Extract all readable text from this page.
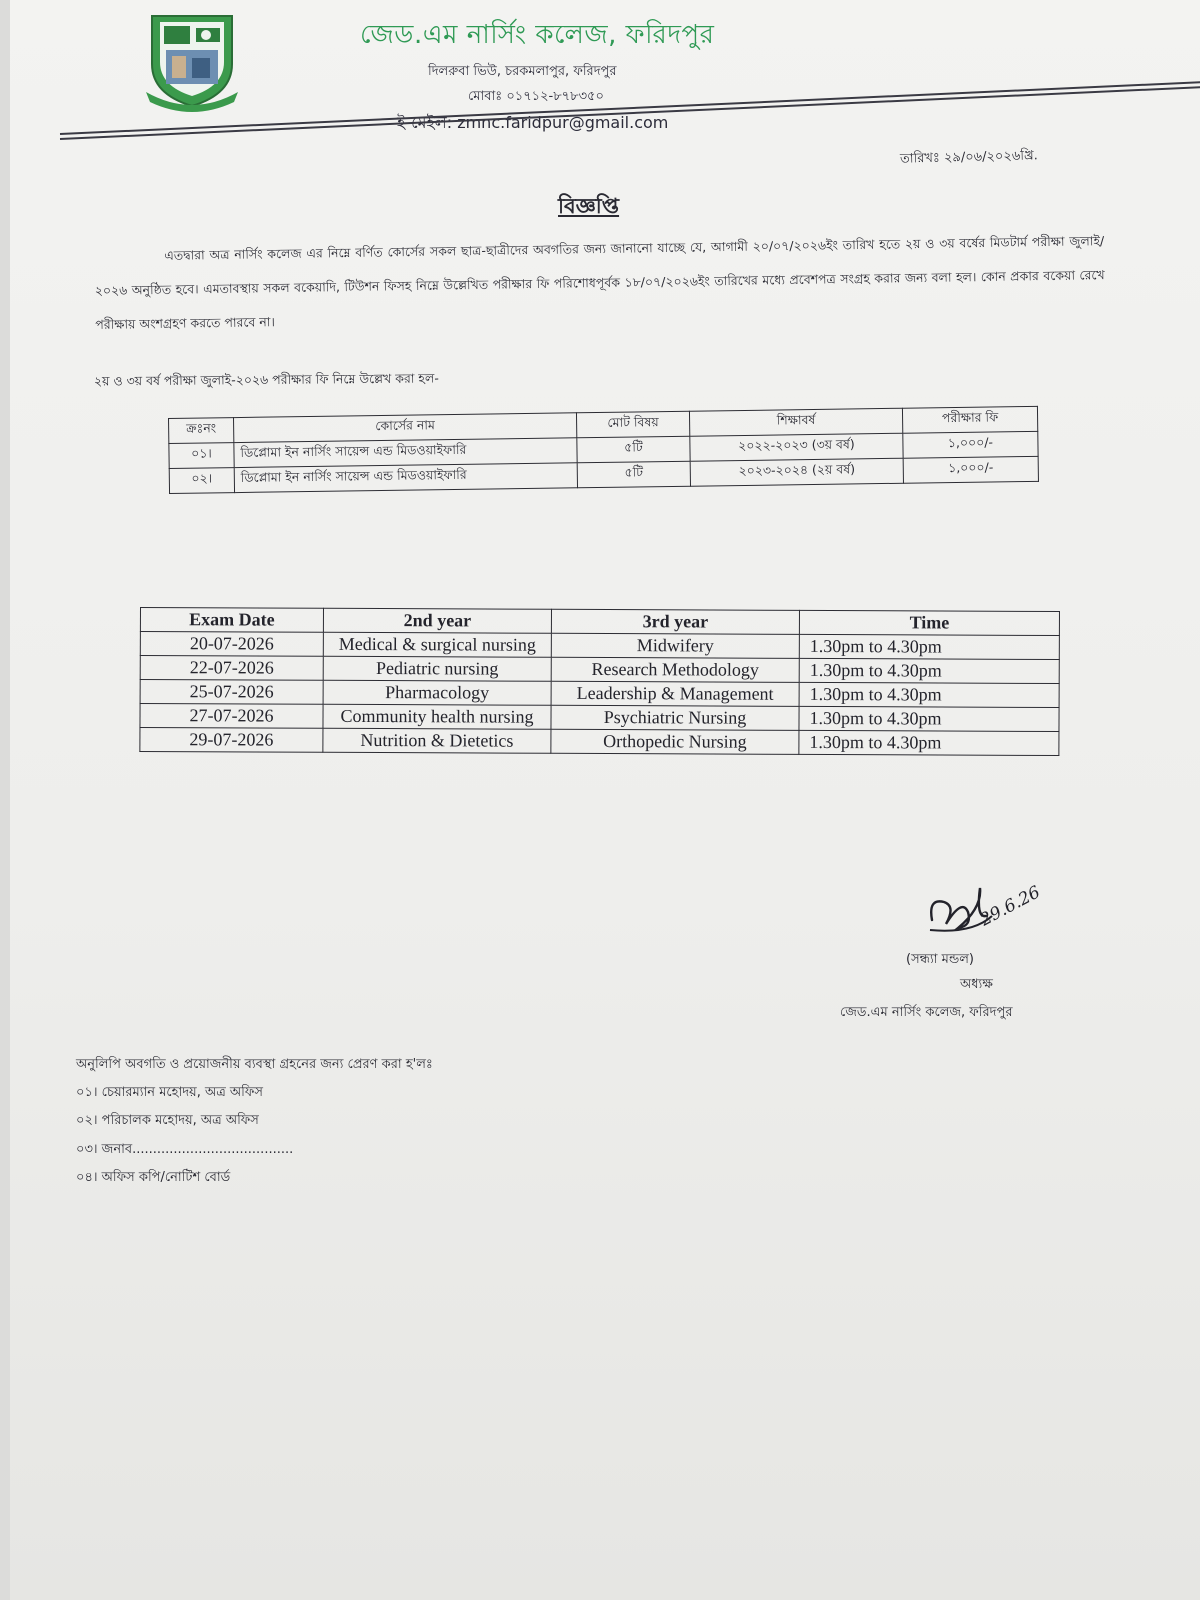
জেড.এম নার্সিং কলেজ, ফরিদপুর
দিলরুবা ভিউ, চরকমলাপুর, ফরিদপুর
মোবাঃ ০১৭১২-৮৭৮৩৫০
ই-মেইল: zmnc.faridpur@gmail.com
তারিখঃ ২৯/০৬/২০২৬খ্রি.
বিজ্ঞপ্তি
এতদ্বারা অত্র নার্সিং কলেজ এর নিম্নে বর্ণিত কোর্সের সকল ছাত্র-ছাত্রীদের অবগতির জন্য জানানো যাচ্ছে যে, আগামী ২০/০৭/২০২৬ইং তারিখ হতে ২য় ও ৩য় বর্ষের মিডটার্ম পরীক্ষা জুলাই/২০২৬ অনুষ্ঠিত হবে। এমতাবস্থায় সকল বকেয়াদি, টিউশন ফিসহ নিম্নে উল্লেখিত পরীক্ষার ফি পরিশোধপূর্বক ১৮/০৭/২০২৬ইং তারিখের মধ্যে প্রবেশপত্র সংগ্রহ করার জন্য বলা হল। কোন প্রকার বকেয়া রেখে পরীক্ষায় অংশগ্রহণ করতে পারবে না।
২য় ও ৩য় বর্ষ পরীক্ষা জুলাই-২০২৬ পরীক্ষার ফি নিম্নে উল্লেখ করা হল-
ক্রঃনং	কোর্সের নাম	মোট বিষয়	শিক্ষাবর্ষ	পরীক্ষার ফি
০১।	ডিপ্লোমা ইন নার্সিং সায়েন্স এন্ড মিডওয়াইফারি	৫টি	২০২২-২০২৩ (৩য় বর্ষ)	১,০০০/-
০২।	ডিপ্লোমা ইন নার্সিং সায়েন্স এন্ড মিডওয়াইফারি	৫টি	২০২৩-২০২৪ (২য় বর্ষ)	১,০০০/-
Exam Date	2nd year	3rd year	Time
20-07-2026	Medical & surgical nursing	Midwifery	1.30pm to 4.30pm
22-07-2026	Pediatric nursing	Research Methodology	1.30pm to 4.30pm
25-07-2026	Pharmacology	Leadership & Management	1.30pm to 4.30pm
27-07-2026	Community health nursing	Psychiatric Nursing	1.30pm to 4.30pm
29-07-2026	Nutrition & Dietetics	Orthopedic Nursing	1.30pm to 4.30pm
29.6.26
(সন্ধ্যা মন্ডল)
অধ্যক্ষ
জেড.এম নার্সিং কলেজ, ফরিদপুর
অনুলিপি অবগতি ও প্রয়োজনীয় ব্যবস্থা গ্রহনের জন্য প্রেরণ করা হ'লঃ
০১। চেয়ারম্যান মহোদয়, অত্র অফিস
০২। পরিচালক মহোদয়, অত্র অফিস
০৩। জনাব.......................................
০৪। অফিস কপি/নোটিশ বোর্ড
